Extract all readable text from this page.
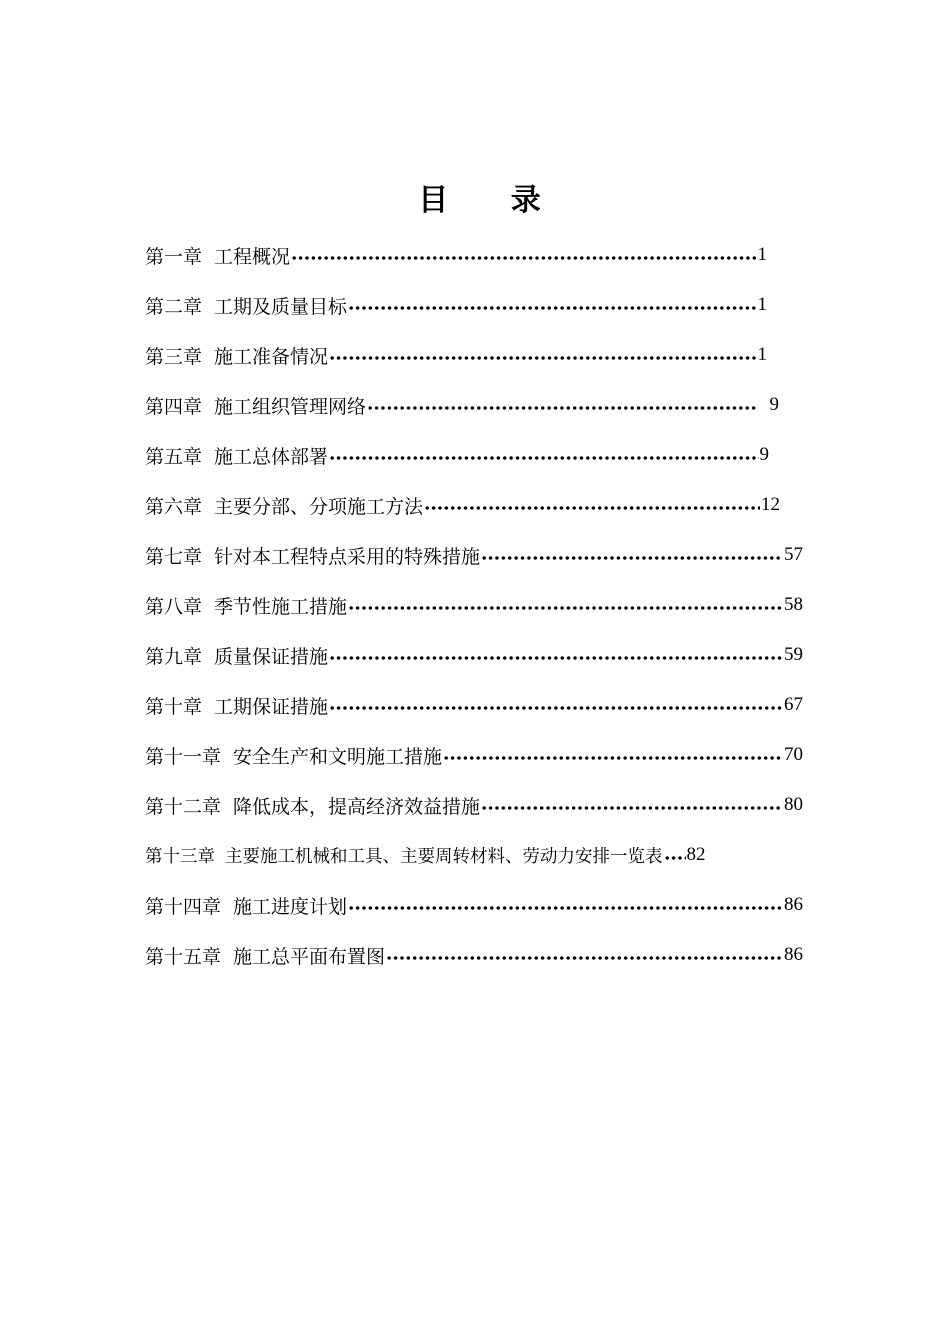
目 录
第一章 工程概况	1
第二章 工期及质量目标	1
第三章 施工准备情况	1
第四章 施工组织管理网络	9
第五章 施工总体部署	9
第六章 主要分部、分项施工方法	12
第七章 针对本工程特点采用的特殊措施	57
第八章 季节性施工措施	58
第九章 质量保证措施	59
第十章 工期保证措施	67
第十一章 安全生产和文明施工措施	70
第十二章 降低成本，提高经济效益措施	80
第十三章 主要施工机械和工具、主要周转材料、劳动力安排一览表 82
第十四章 施工进度计划	86
第十五章 施工总平面布置图	86
